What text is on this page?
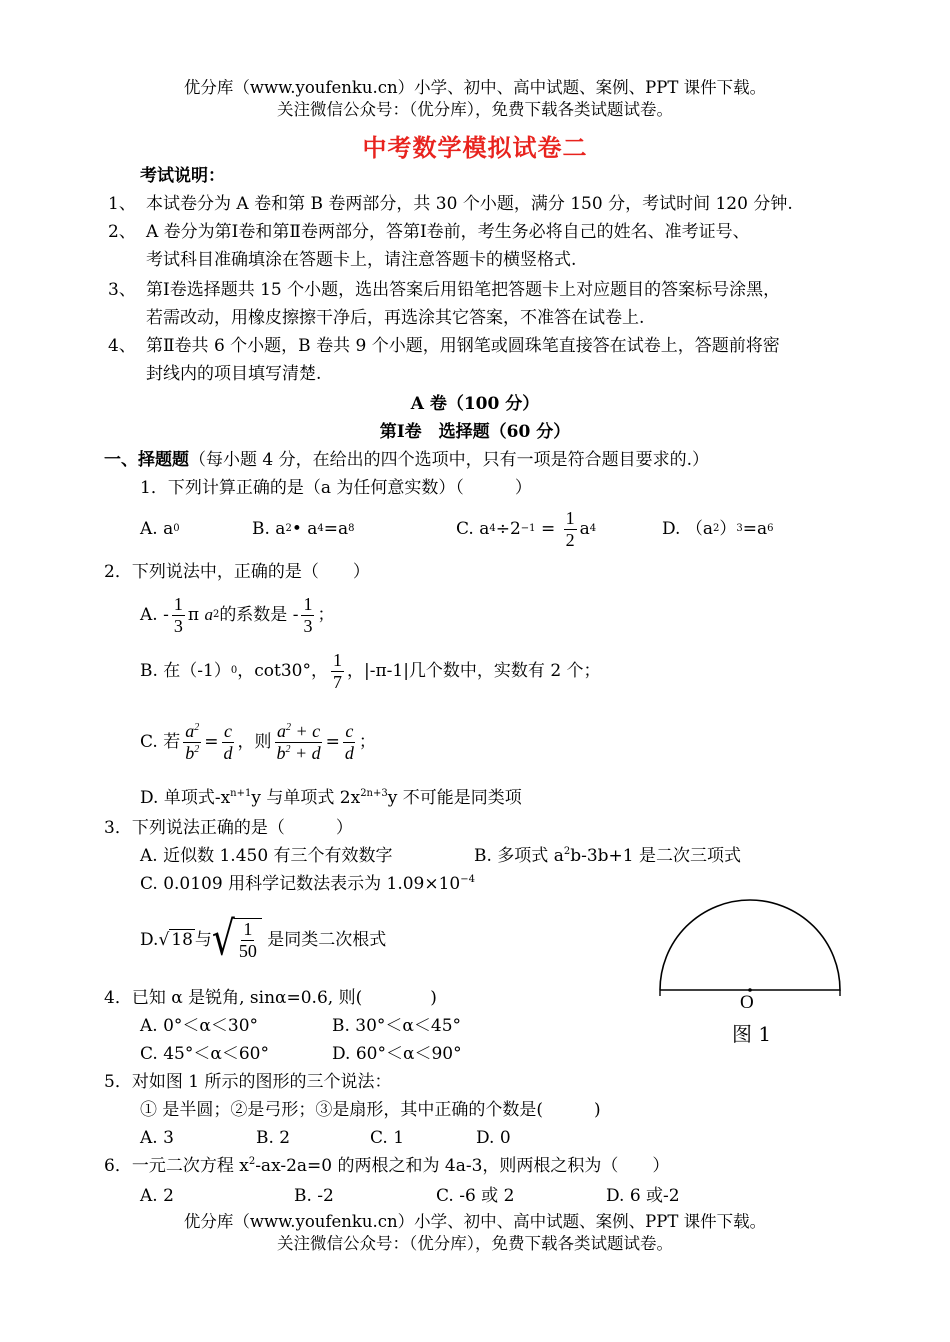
优分库（www.youfenku.cn）小学、初中、高中试题、案例、PPT 课件下载。
关注微信公众号：（优分库），免费下载各类试题试卷。
中考数学模拟试卷二
考试说明：
1、 本试卷分为 A 卷和第 B 卷两部分，共 30 个小题，满分 150 分，考试时间 120 分钟.
2、 A 卷分为第Ⅰ卷和第Ⅱ卷两部分，答第Ⅰ卷前，考生务必将自己的姓名、准考证号、
考试科目准确填涂在答题卡上，请注意答题卡的横竖格式.
3、 第Ⅰ卷选择题共 15 个小题，选出答案后用铅笔把答题卡上对应题目的答案标号涂黑，
若需改动，用橡皮擦擦干净后，再选涂其它答案，不准答在试卷上.
4、 第Ⅱ卷共 6 个小题，B 卷共 9 个小题，用钢笔或圆珠笔直接答在试卷上，答题前将密
封线内的项目填写清楚.
A 卷（100 分）
第Ⅰ卷　选择题（60 分）
一、择题题（每小题 4 分，在给出的四个选项中，只有一项是符合题目要求的.）
1．下列计算正确的是（a 为任何意实数）（　　　）
A. a 0	B. a 2 • a 4 =a 8	C. a $4 \div 2 -1 = \frac{1}{2}$ a 4	D. （a 2 ） 3 =a 6
2．下列说法中，正确的是（　　）
A. - $\frac{1}{3}$ π
a 2 的系数是 - $\frac{1}{3}$ ；
B. 在（-1） 0 ，cot30°， $\frac{1}{7}$ ，|-π-1|几个数中，实数有 2 个；
C. 若 $\frac{a^2}{b^2} = \frac{c}{d}$ ，则 $\frac{a^2 + c}{b^2 + d} = \frac{c}{d}$ ；
D. 单项式$-x^{n+1}y$ 与单项式 $2x^{2n+3}y$ 不可能是同类项
3．下列说法正确的是（　　　）
A. 近似数 1.450 有三个有效数字	B. 多项式 $a^2b-3b+1$ 是二次三项式
C. 0.0109 用科学记数法表示为 $1.09\times 10^{-4}$
D. √ 18 与 √ $\frac{1}{50}$
是同类二次根式
O
图 1
4．已知 α 是锐角, sinα=0.6, 则(　　　　)
A. 0°＜α＜30°	B. 30°＜α＜45°
C. 45°＜α＜60°	D. 60°＜α＜90°
5．对如图 1 所示的图形的三个说法：
① 是半圆；②是弓形；③是扇形，其中正确的个数是(　　　)
A. 3	B. 2	C. 1	D. 0
6．一元二次方程 $x^2-ax-2a=0$ 的两根之和为 4a-3，则两根之积为（　　）
A. 2	B. -2	C. -6 或 2	D. 6 或-2
优分库（www.youfenku.cn）小学、初中、高中试题、案例、PPT 课件下载。
关注微信公众号：（优分库），免费下载各类试题试卷。
